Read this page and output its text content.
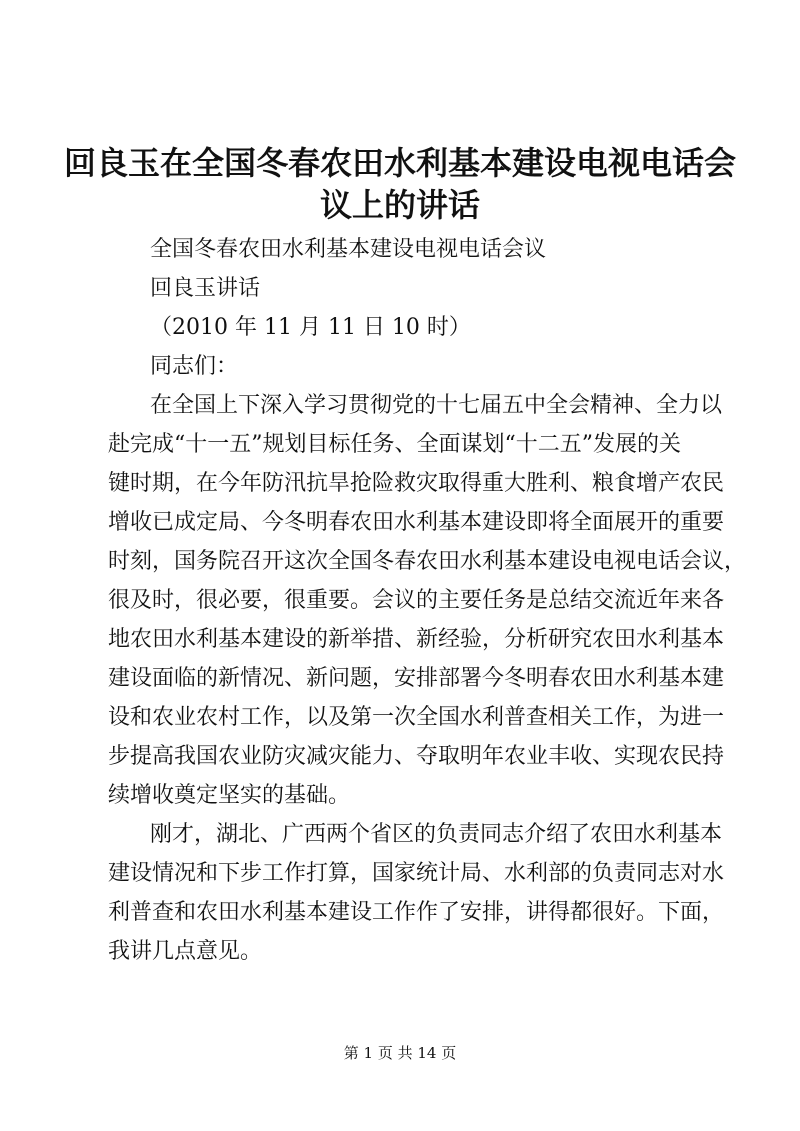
回良玉在全国冬春农田水利基本建设电视电话会议上的讲话
全国冬春农田水利基本建设电视电话会议
回良玉讲话
（2010 年 11 月 11 日 10 时）
同志们：
在全国上下深入学习贯彻党的十七届五中全会精神、全力以
赴完成“十一五”规划目标任务、全面谋划“十二五”发展的关
键时期，在今年防汛抗旱抢险救灾取得重大胜利、粮食增产农民
增收已成定局、今冬明春农田水利基本建设即将全面展开的重要
时刻，国务院召开这次全国冬春农田水利基本建设电视电话会议，
很及时，很必要，很重要。会议的主要任务是总结交流近年来各
地农田水利基本建设的新举措、新经验，分析研究农田水利基本
建设面临的新情况、新问题，安排部署今冬明春农田水利基本建
设和农业农村工作，以及第一次全国水利普查相关工作，为进一
步提高我国农业防灾减灾能力、夺取明年农业丰收、实现农民持
续增收奠定坚实的基础。
刚才，湖北、广西两个省区的负责同志介绍了农田水利基本
建设情况和下步工作打算，国家统计局、水利部的负责同志对水
利普查和农田水利基本建设工作作了安排，讲得都很好。下面，
我讲几点意见。
第 1 页 共 14 页
